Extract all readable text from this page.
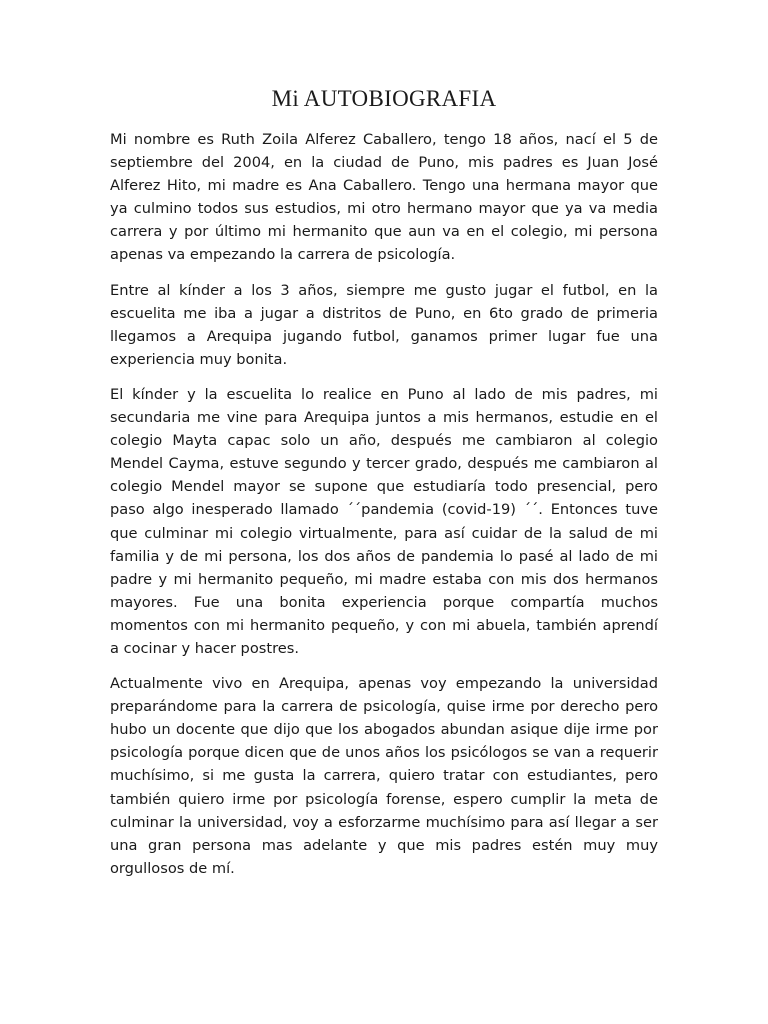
Mi AUTOBIOGRAFIA

Mi nombre es Ruth Zoila Alferez Caballero, tengo 18 años, nací el 5 de septiembre del 2004, en la ciudad de Puno, mis padres es Juan José Alferez Hito, mi madre es Ana Caballero. Tengo una hermana mayor que ya culmino todos sus estudios, mi otro hermano mayor que ya va media carrera y por último mi hermanito que aun va en el colegio, mi persona apenas va empezando la carrera de psicología.

Entre al kínder a los 3 años, siempre me gusto jugar el futbol, en la escuelita me iba a jugar a distritos de Puno, en 6to grado de primeria llegamos a Arequipa jugando futbol, ganamos primer lugar fue una experiencia muy bonita.

El kínder y la escuelita lo realice en Puno al lado de mis padres, mi secundaria me vine para Arequipa juntos a mis hermanos, estudie en el colegio Mayta capac solo un año, después me cambiaron al colegio Mendel Cayma, estuve segundo y tercer grado, después me cambiaron al colegio Mendel mayor se supone que estudiaría todo presencial, pero paso algo inesperado llamado ´´pandemia (covid-19) ´´. Entonces tuve que culminar mi colegio virtualmente, para así cuidar de la salud de mi familia y de mi persona, los dos años de pandemia lo pasé al lado de mi padre y mi hermanito pequeño, mi madre estaba con mis dos hermanos mayores. Fue una bonita experiencia porque compartía muchos momentos con mi hermanito pequeño, y con mi abuela, también aprendí a cocinar y hacer postres.

Actualmente vivo en Arequipa, apenas voy empezando la universidad preparándome para la carrera de psicología, quise irme por derecho pero hubo un docente que dijo que los abogados abundan asique dije irme por psicología porque dicen que de unos años los psicólogos se van a requerir muchísimo, si me gusta la carrera, quiero tratar con estudiantes, pero también quiero irme por psicología forense, espero cumplir la meta de culminar la universidad, voy a esforzarme muchísimo para así llegar a ser una gran persona mas adelante y que mis padres estén muy muy orgullosos de mí.
